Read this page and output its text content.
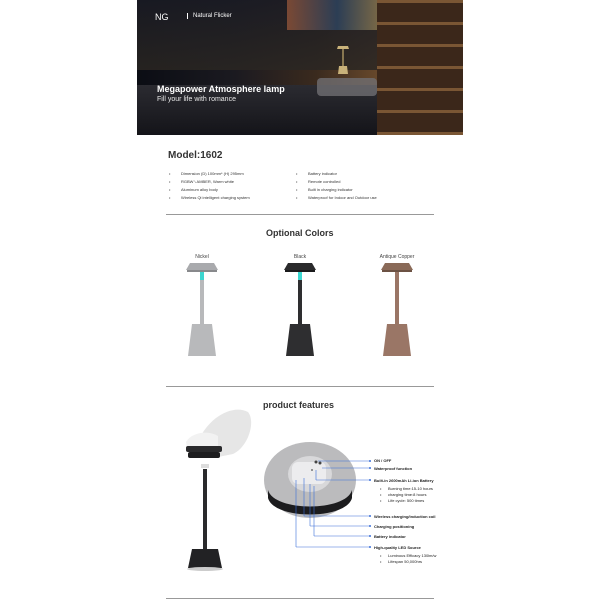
NG	Natural Flicker
Megapower Atmosphere lamp
Fill your life with romance
Model:1602
• Dimension (D) 100mm* (H) 295mm
• RGBW \ AMBER, Warm white
• Aluminum alloy body
• Wireless Qi intelligent charging system
• Battery indicator
• Remote controlled
• Built in charging indicator
• Waterproof for Indoor and Outdoor use
Optional Colors
Nickel	Black	Antique Copper
product features
ON / OFF
Waterproof function
Built-in 2600mAh Li-ion Battery
• Burning time:15-10 hours
• charging time:8 hours
• Life cycle: 500 times
Wireless charging/induction coil
Charging positioning
Battery indicator
High-quality LED Source
• Luminous Efficacy 130lm/w
• Lifespan 50,000hrs
